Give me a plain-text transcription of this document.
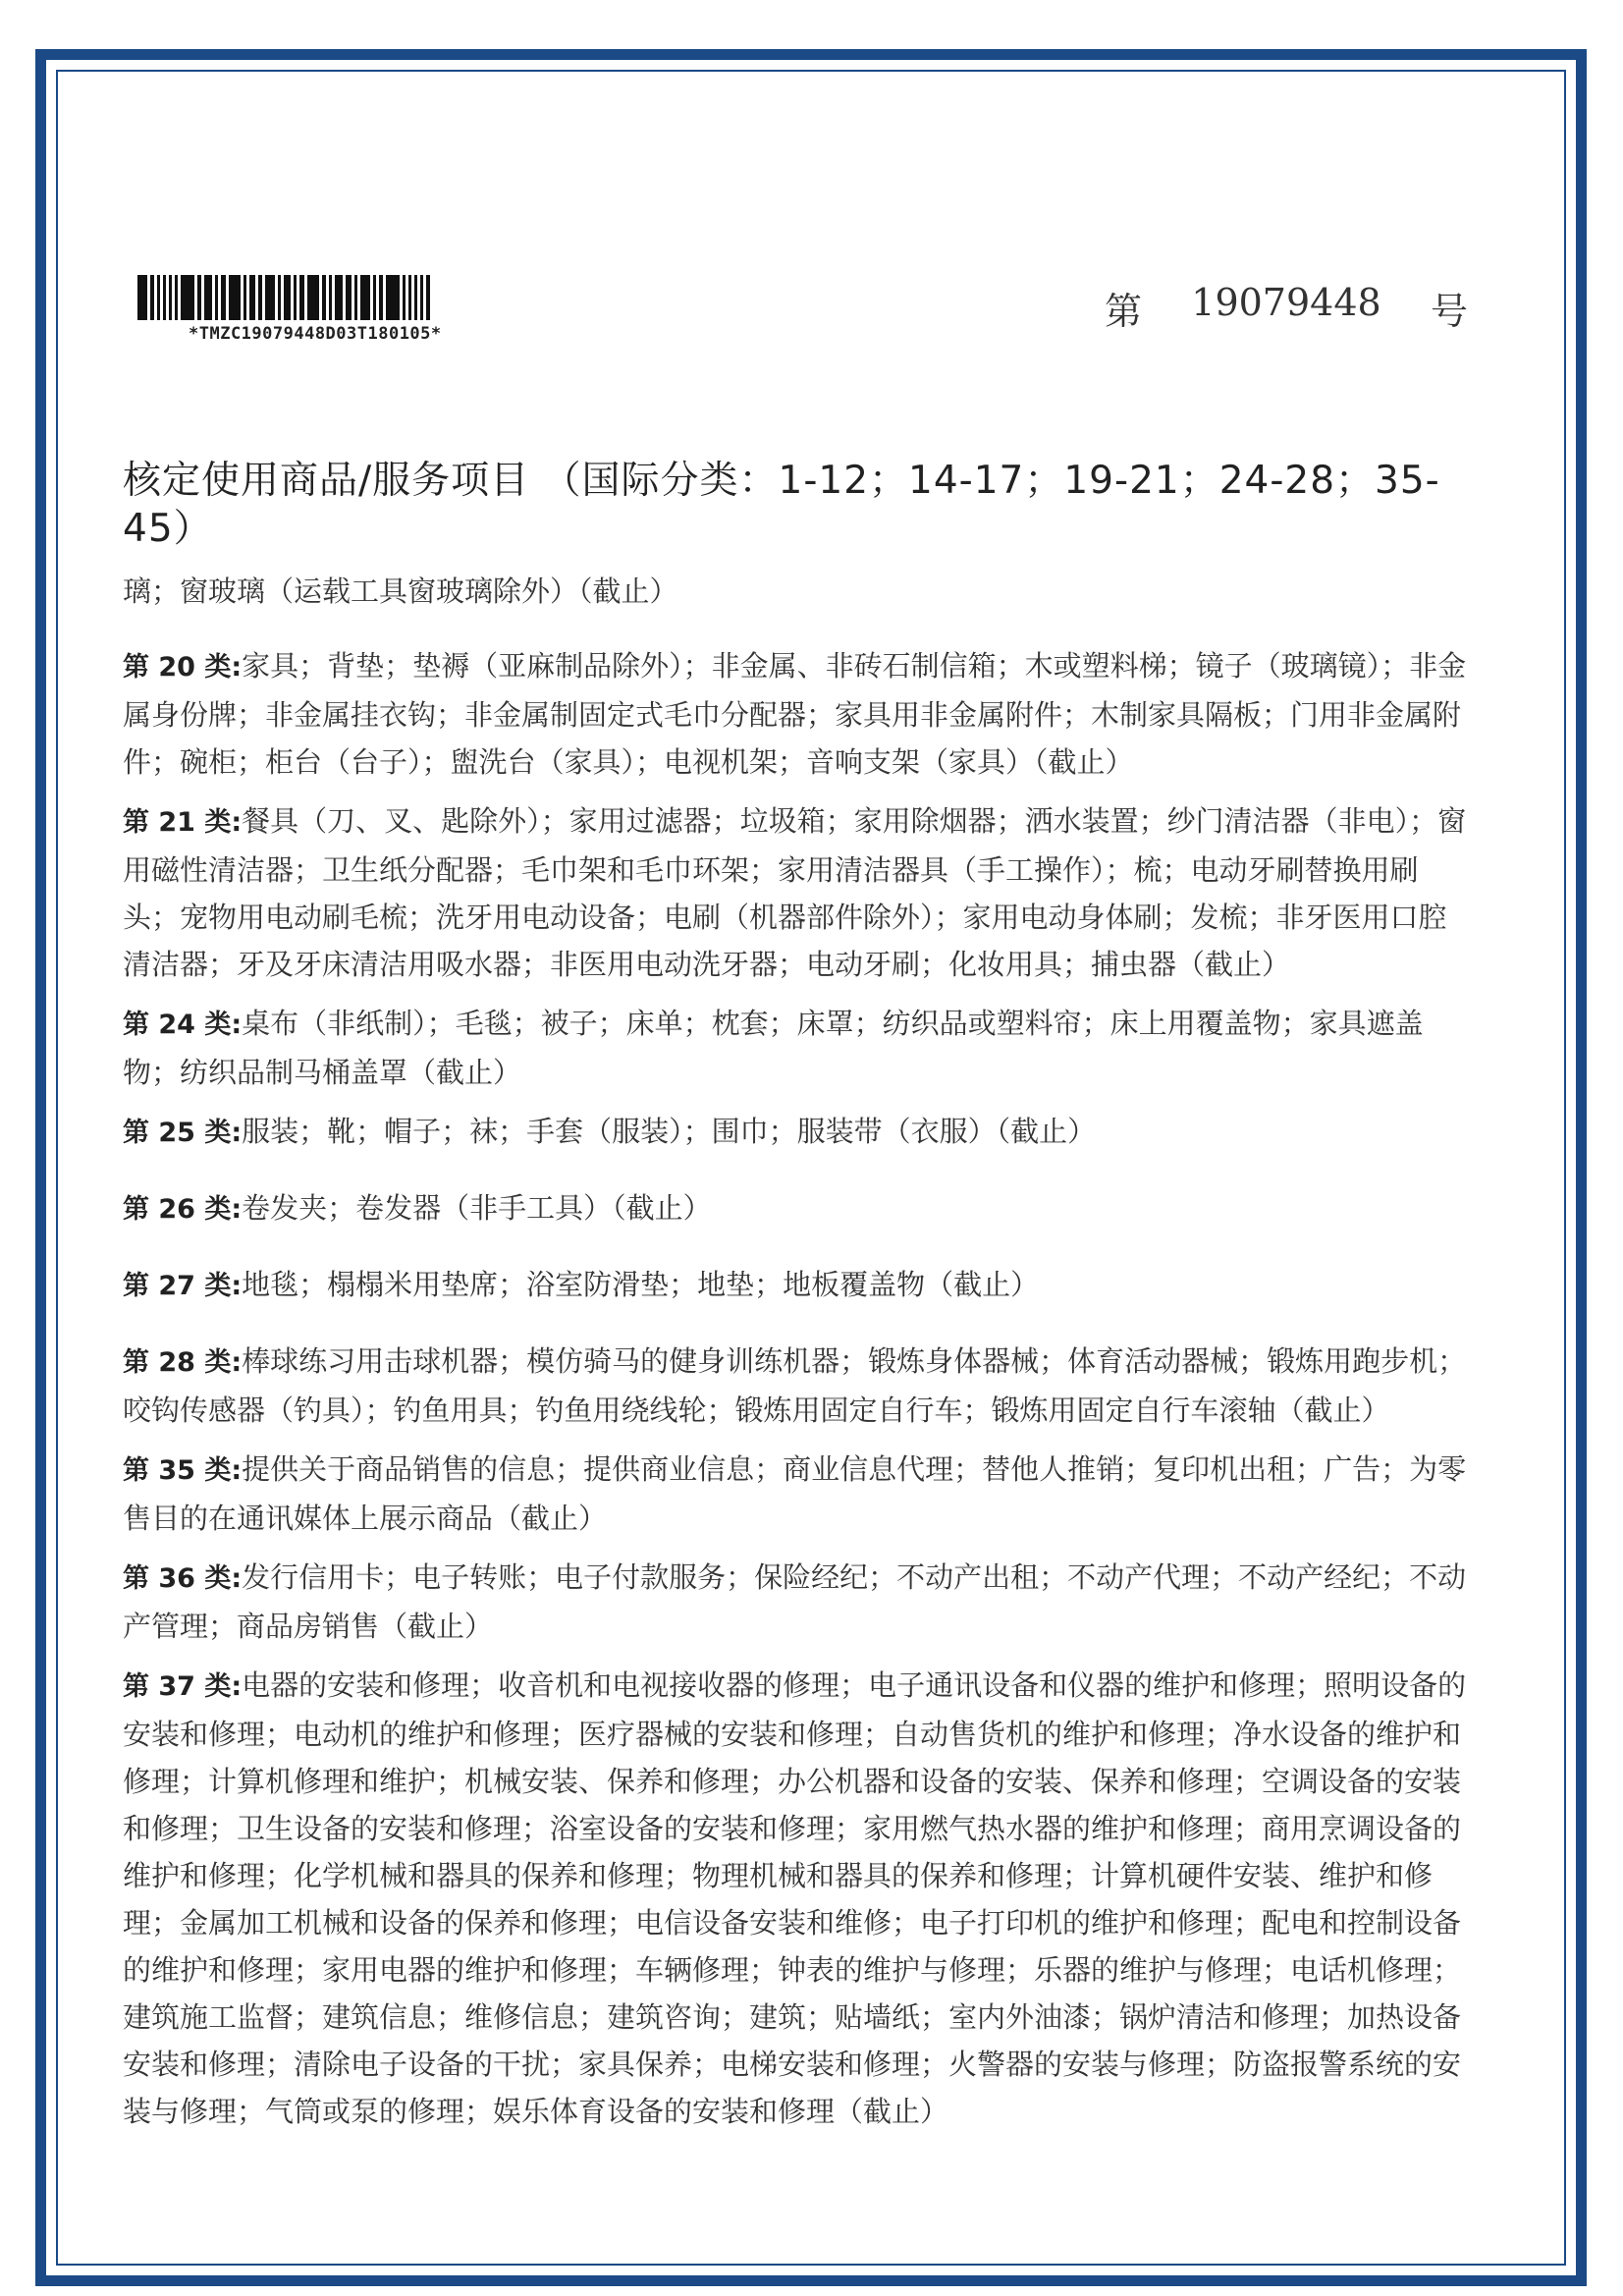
*TMZC19079448D03T180105*
第 19079448 号
核定使用商品/服务项目 （国际分类：1-12；14-17；19-21；24-28；35-45）

璃；窗玻璃（运载工具窗玻璃除外）（截止）

第 20 类:家具；背垫；垫褥（亚麻制品除外）；非金属、非砖石制信箱；木或塑料梯；镜子（玻璃镜）；非金属身份牌；非金属挂衣钩；非金属制固定式毛巾分配器；家具用非金属附件；木制家具隔板；门用非金属附件；碗柜；柜台（台子）；盥洗台（家具）；电视机架；音响支架（家具）（截止）

第 21 类:餐具（刀、叉、匙除外）；家用过滤器；垃圾箱；家用除烟器；洒水装置；纱门清洁器（非电）；窗用磁性清洁器；卫生纸分配器；毛巾架和毛巾环架；家用清洁器具（手工操作）；梳；电动牙刷替换用刷头；宠物用电动刷毛梳；洗牙用电动设备；电刷（机器部件除外）；家用电动身体刷；发梳；非牙医用口腔清洁器；牙及牙床清洁用吸水器；非医用电动洗牙器；电动牙刷；化妆用具；捕虫器（截止）

第 24 类:桌布（非纸制）；毛毯；被子；床单；枕套；床罩；纺织品或塑料帘；床上用覆盖物；家具遮盖物；纺织品制马桶盖罩（截止）

第 25 类:服装；靴；帽子；袜；手套（服装）；围巾；服装带（衣服）（截止）

第 26 类:卷发夹；卷发器（非手工具）（截止）

第 27 类:地毯；榻榻米用垫席；浴室防滑垫；地垫；地板覆盖物（截止）

第 28 类:棒球练习用击球机器；模仿骑马的健身训练机器；锻炼身体器械；体育活动器械；锻炼用跑步机；咬钩传感器（钓具）；钓鱼用具；钓鱼用绕线轮；锻炼用固定自行车；锻炼用固定自行车滚轴（截止）

第 35 类:提供关于商品销售的信息；提供商业信息；商业信息代理；替他人推销；复印机出租；广告；为零售目的在通讯媒体上展示商品（截止）

第 36 类:发行信用卡；电子转账；电子付款服务；保险经纪；不动产出租；不动产代理；不动产经纪；不动产管理；商品房销售（截止）

第 37 类:电器的安装和修理；收音机和电视接收器的修理；电子通讯设备和仪器的维护和修理；照明设备的安装和修理；电动机的维护和修理；医疗器械的安装和修理；自动售货机的维护和修理；净水设备的维护和修理；计算机修理和维护；机械安装、保养和修理；办公机器和设备的安装、保养和修理；空调设备的安装和修理；卫生设备的安装和修理；浴室设备的安装和修理；家用燃气热水器的维护和修理；商用烹调设备的维护和修理；化学机械和器具的保养和修理；物理机械和器具的保养和修理；计算机硬件安装、维护和修理；金属加工机械和设备的保养和修理；电信设备安装和维修；电子打印机的维护和修理；配电和控制设备的维护和修理；家用电器的维护和修理；车辆修理；钟表的维护与修理；乐器的维护与修理；电话机修理；建筑施工监督；建筑信息；维修信息；建筑咨询；建筑；贴墙纸；室内外油漆；锅炉清洁和修理；加热设备安装和修理；清除电子设备的干扰；家具保养；电梯安装和修理；火警器的安装与修理；防盗报警系统的安装与修理；气筒或泵的修理；娱乐体育设备的安装和修理（截止）
